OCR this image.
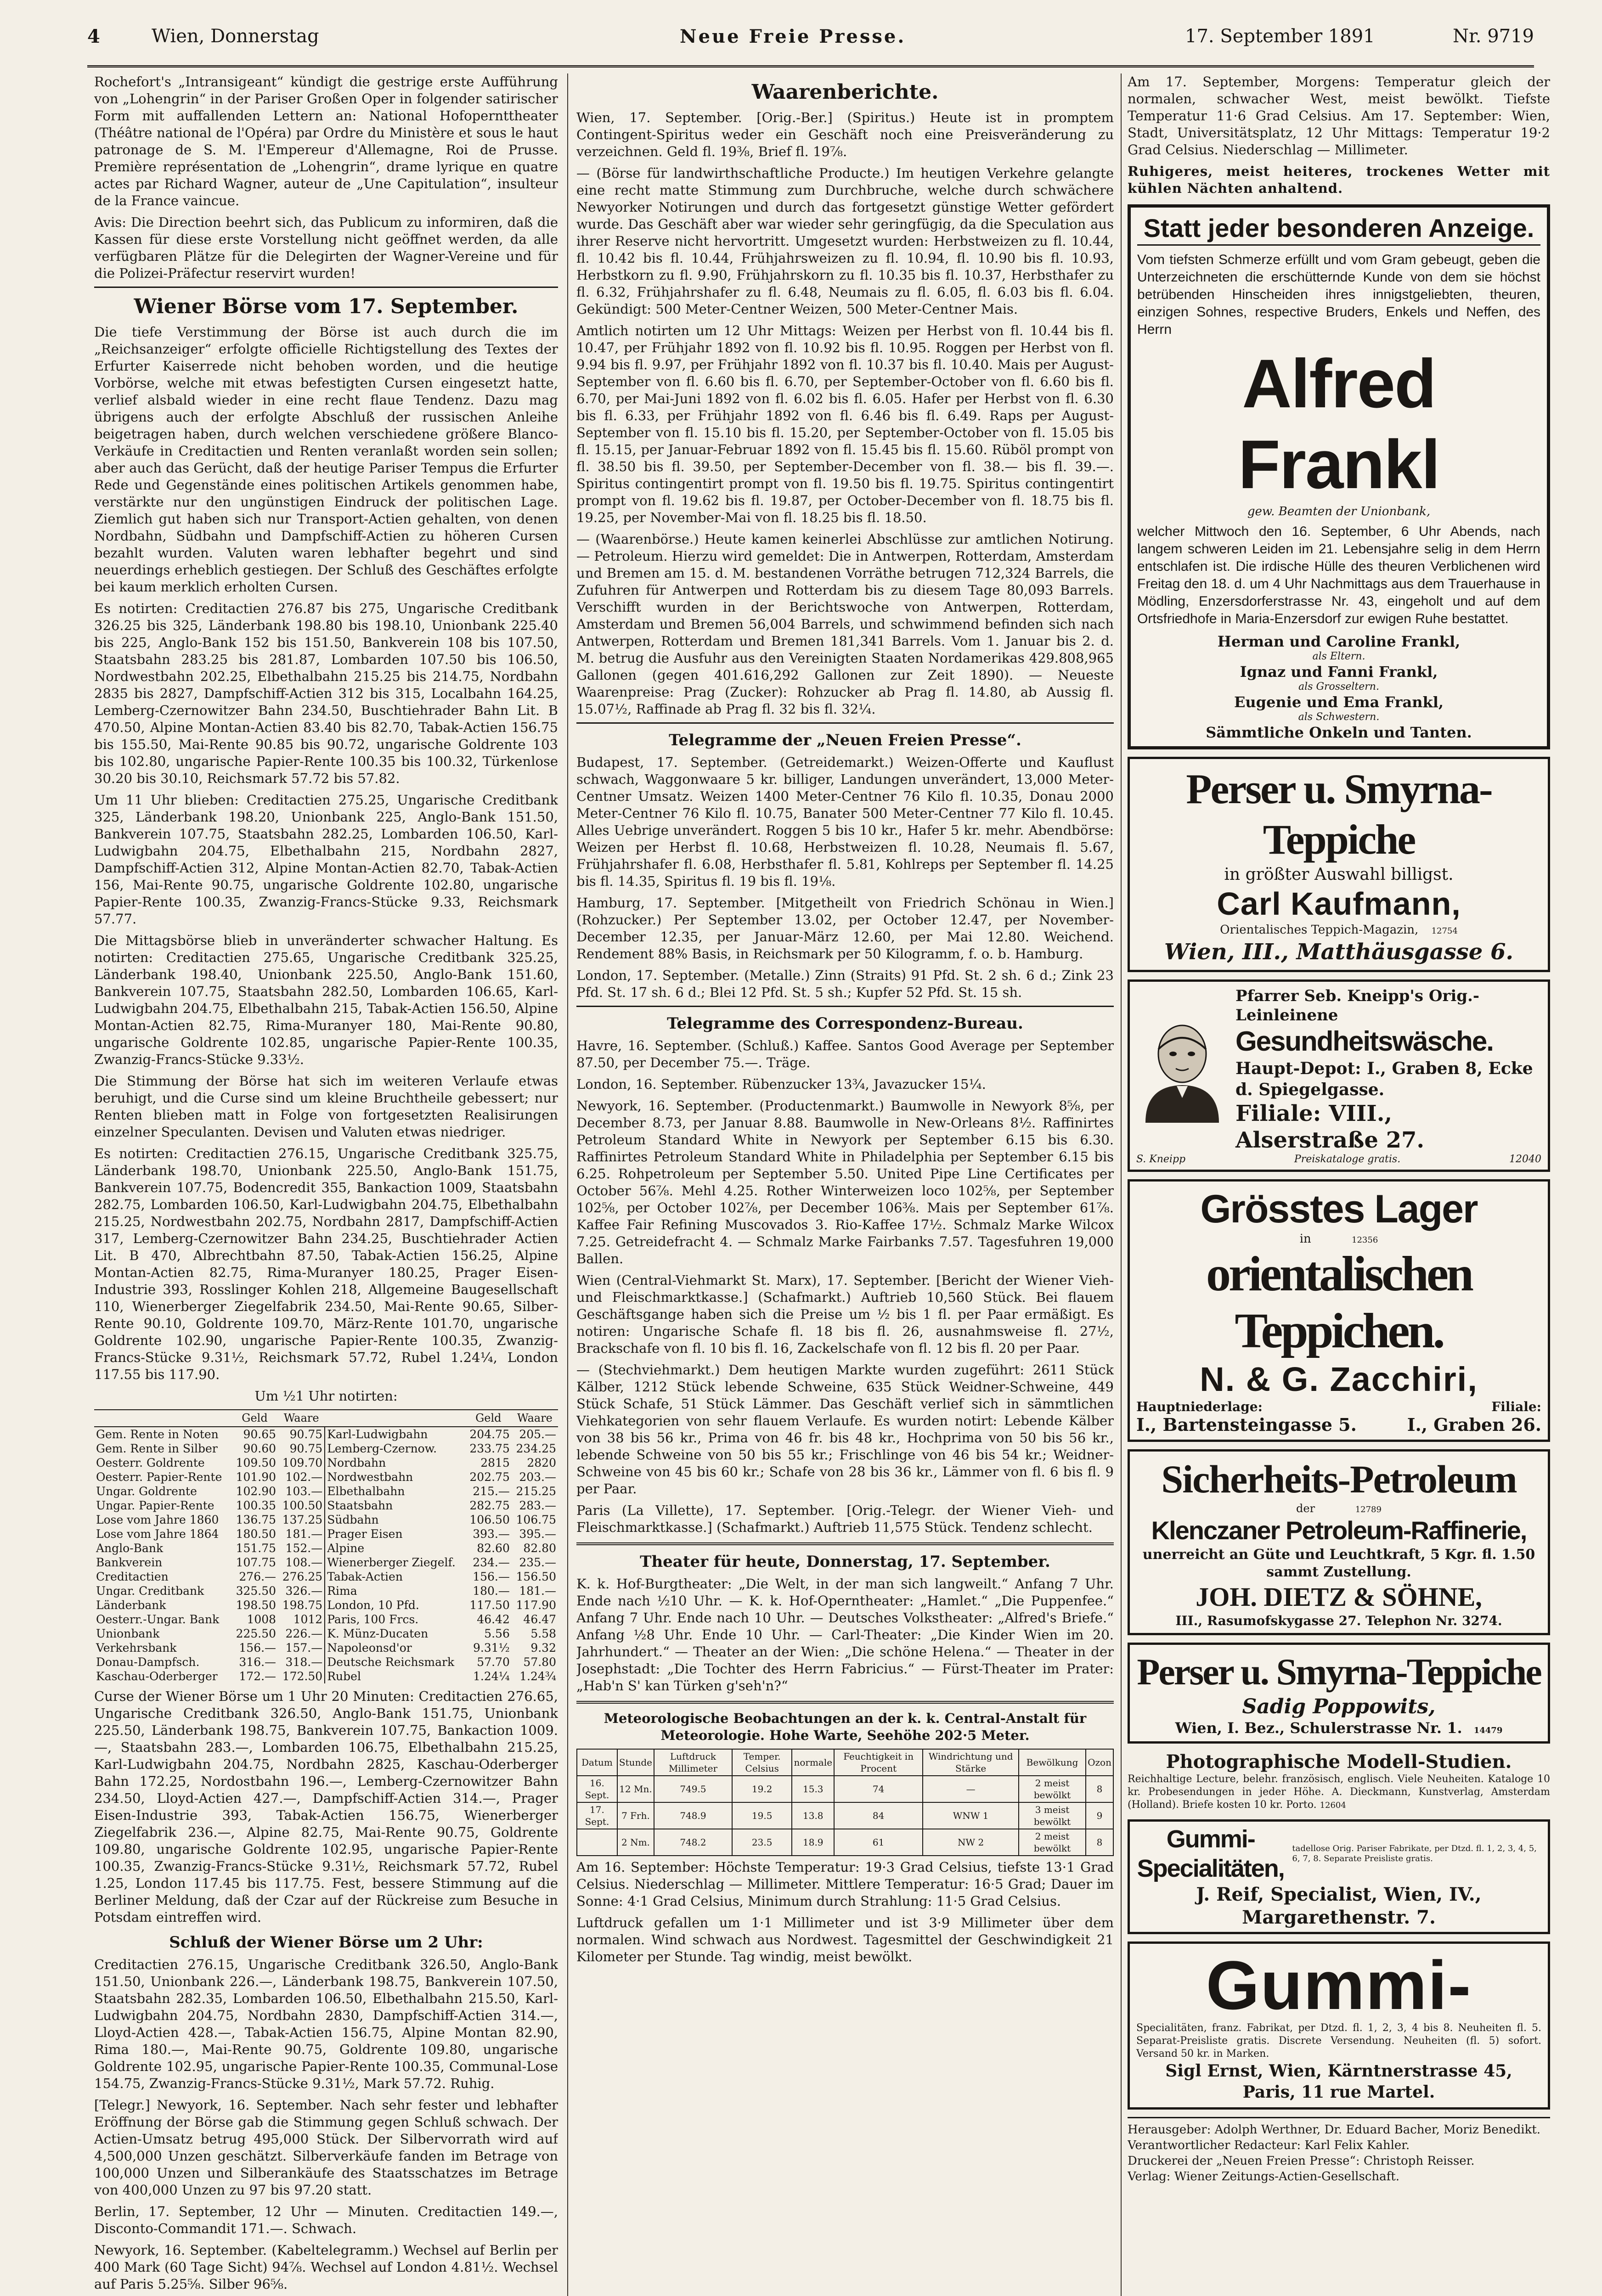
4	Wien, Donnerstag	Neue Freie Presse.	17. September 1891	Nr. 9719

Rochefort's „Intransigeant“ kündigt die gestrige erste Aufführung von „Lohengrin“ in der Pariser Großen Oper in folgender satirischer Form mit auffallenden Lettern an: National Hofopernttheater (Théâtre national de l'Opéra) par Ordre du Ministère et sous le haut patronage de S. M. l'Empereur d'Allemagne, Roi de Prusse. Première représentation de „Lohengrin“, drame lyrique en quatre actes par Richard Wagner, auteur de „Une Capitulation“, insulteur de la France vaincue.

Avis: Die Direction beehrt sich, das Publicum zu informiren, daß die Kassen für diese erste Vorstellung nicht geöffnet werden, da alle verfügbaren Plätze für die Delegirten der Wagner-Vereine und für die Polizei-Präfectur reservirt wurden!

Wiener Börse vom 17. September.

Die tiefe Verstimmung der Börse ist auch durch die im „Reichsanzeiger“ erfolgte officielle Richtigstellung des Textes der Erfurter Kaiserrede nicht behoben worden, und die heutige Vorbörse, welche mit etwas befestigten Cursen eingesetzt hatte, verlief alsbald wieder in eine recht flaue Tendenz. Dazu mag übrigens auch der erfolgte Abschluß der russischen Anleihe beigetragen haben, durch welchen verschiedene größere Blanco-Verkäufe in Creditactien und Renten veranlaßt worden sein sollen; aber auch das Gerücht, daß der heutige Pariser Tempus die Erfurter Rede und Gegenstände eines politischen Artikels genommen habe, verstärkte nur den ungünstigen Eindruck der politischen Lage. Ziemlich gut haben sich nur Transport-Actien gehalten, von denen Nordbahn, Südbahn und Dampfschiff-Actien zu höheren Cursen bezahlt wurden. Valuten waren lebhafter begehrt und sind neuerdings erheblich gestiegen. Der Schluß des Geschäftes erfolgte bei kaum merklich erholten Cursen.

Es notirten: Creditactien 276.87 bis 275, Ungarische Creditbank 326.25 bis 325, Länderbank 198.80 bis 198.10, Unionbank 225.40 bis 225, Anglo-Bank 152 bis 151.50, Bankverein 108 bis 107.50, Staatsbahn 283.25 bis 281.87, Lombarden 107.50 bis 106.50, Nordwestbahn 202.25, Elbethalbahn 215.25 bis 214.75, Nordbahn 2835 bis 2827, Dampfschiff-Actien 312 bis 315, Localbahn 164.25, Lemberg-Czernowitzer Bahn 234.50, Buschtiehrader Bahn Lit. B 470.50, Alpine Montan-Actien 83.40 bis 82.70, Tabak-Actien 156.75 bis 155.50, Mai-Rente 90.85 bis 90.72, ungarische Goldrente 103 bis 102.80, ungarische Papier-Rente 100.35 bis 100.32, Türkenlose 30.20 bis 30.10, Reichsmark 57.72 bis 57.82.

Um 11 Uhr blieben: Creditactien 275.25, Ungarische Creditbank 325, Länderbank 198.20, Unionbank 225, Anglo-Bank 151.50, Bankverein 107.75, Staatsbahn 282.25, Lombarden 106.50, Karl-Ludwigbahn 204.75, Elbethalbahn 215, Nordbahn 2827, Dampfschiff-Actien 312, Alpine Montan-Actien 82.70, Tabak-Actien 156, Mai-Rente 90.75, ungarische Goldrente 102.80, ungarische Papier-Rente 100.35, Zwanzig-Francs-Stücke 9.33, Reichsmark 57.77.

Die Mittagsbörse blieb in unveränderter schwacher Haltung. Es notirten: Creditactien 275.65, Ungarische Creditbank 325.25, Länderbank 198.40, Unionbank 225.50, Anglo-Bank 151.60, Bankverein 107.75, Staatsbahn 282.50, Lombarden 106.65, Karl-Ludwigbahn 204.75, Elbethalbahn 215, Tabak-Actien 156.50, Alpine Montan-Actien 82.75, Rima-Muranyer 180, Mai-Rente 90.80, ungarische Goldrente 102.85, ungarische Papier-Rente 100.35, Zwanzig-Francs-Stücke 9.33½.

Die Stimmung der Börse hat sich im weiteren Verlaufe etwas beruhigt, und die Curse sind um kleine Bruchtheile gebessert; nur Renten blieben matt in Folge von fortgesetzten Realisirungen einzelner Speculanten. Devisen und Valuten etwas niedriger.

Es notirten: Creditactien 276.15, Ungarische Creditbank 325.75, Länderbank 198.70, Unionbank 225.50, Anglo-Bank 151.75, Bankverein 107.75, Bodencredit 355, Bankaction 1009, Staatsbahn 282.75, Lombarden 106.50, Karl-Ludwigbahn 204.75, Elbethalbahn 215.25, Nordwestbahn 202.75, Nordbahn 2817, Dampfschiff-Actien 317, Lemberg-Czernowitzer Bahn 234.25, Buschtiehrader Actien Lit. B 470, Albrechtbahn 87.50, Tabak-Actien 156.25, Alpine Montan-Actien 82.75, Rima-Muranyer 180.25, Prager Eisen-Industrie 393, Rosslinger Kohlen 218, Allgemeine Baugesellschaft 110, Wienerberger Ziegelfabrik 234.50, Mai-Rente 90.65, Silber-Rente 90.10, Goldrente 109.70, März-Rente 101.70, ungarische Goldrente 102.90, ungarische Papier-Rente 100.35, Zwanzig-Francs-Stücke 9.31½, Reichsmark 57.72, Rubel 1.24¼, London 117.55 bis 117.90.

Um ½1 Uhr notirten:

	Geld	Waare		Geld	Waare
Gem. Rente in Noten	90.65	90.75	Karl-Ludwigbahn	204.75	205.—
Gem. Rente in Silber	90.60	90.75	Lemberg-Czernow.	233.75	234.25
Oesterr. Goldrente	109.50	109.70	Nordbahn	2815	2820
Oesterr. Papier-Rente	101.90	102.—	Nordwestbahn	202.75	203.—
Ungar. Goldrente	102.90	103.—	Elbethalbahn	215.—	215.25
Ungar. Papier-Rente	100.35	100.50	Staatsbahn	282.75	283.—
Lose vom Jahre 1860	136.75	137.25	Südbahn	106.50	106.75
Lose vom Jahre 1864	180.50	181.—	Prager Eisen	393.—	395.—
Anglo-Bank	151.75	152.—	Alpine	82.60	82.80
Bankverein	107.75	108.—	Wienerberger Ziegelf.	234.—	235.—
Creditactien	276.—	276.25	Tabak-Actien	156.—	156.50
Ungar. Creditbank	325.50	326.—	Rima	180.—	181.—
Länderbank	198.50	198.75	London, 10 Pfd.	117.50	117.90
Oesterr.-Ungar. Bank	1008	1012	Paris, 100 Frcs.	46.42	46.47
Unionbank	225.50	226.—	K. Münz-Ducaten	5.56	5.58
Verkehrsbank	156.—	157.—	Napoleonsd'or	9.31½	9.32
Donau-Dampfsch.	316.—	318.—	Deutsche Reichsmark	57.70	57.80
Kaschau-Oderberger	172.—	172.50	Rubel	1.24¼	1.24¾

Curse der Wiener Börse um 1 Uhr 20 Minuten: Creditactien 276.65, Ungarische Creditbank 326.50, Anglo-Bank 151.75, Unionbank 225.50, Länderbank 198.75, Bankverein 107.75, Bankaction 1009.—, Staatsbahn 283.—, Lombarden 106.75, Elbethalbahn 215.25, Karl-Ludwigbahn 204.75, Nordbahn 2825, Kaschau-Oderberger Bahn 172.25, Nordostbahn 196.—, Lemberg-Czernowitzer Bahn 234.50, Lloyd-Actien 427.—, Dampfschiff-Actien 314.—, Prager Eisen-Industrie 393, Tabak-Actien 156.75, Wienerberger Ziegelfabrik 236.—, Alpine 82.75, Mai-Rente 90.75, Goldrente 109.80, ungarische Goldrente 102.95, ungarische Papier-Rente 100.35, Zwanzig-Francs-Stücke 9.31½, Reichsmark 57.72, Rubel 1.25, London 117.45 bis 117.75. Fest, bessere Stimmung auf die Berliner Meldung, daß der Czar auf der Rückreise zum Besuche in Potsdam eintreffen wird.

Schluß der Wiener Börse um 2 Uhr:

Creditactien 276.15, Ungarische Creditbank 326.50, Anglo-Bank 151.50, Unionbank 226.—, Länderbank 198.75, Bankverein 107.50, Staatsbahn 282.35, Lombarden 106.50, Elbethalbahn 215.50, Karl-Ludwigbahn 204.75, Nordbahn 2830, Dampfschiff-Actien 314.—, Lloyd-Actien 428.—, Tabak-Actien 156.75, Alpine Montan 82.90, Rima 180.—, Mai-Rente 90.75, Goldrente 109.80, ungarische Goldrente 102.95, ungarische Papier-Rente 100.35, Communal-Lose 154.75, Zwanzig-Francs-Stücke 9.31½, Mark 57.72. Ruhig.

[Telegr.] Newyork, 16. September. Nach sehr fester und lebhafter Eröffnung der Börse gab die Stimmung gegen Schluß schwach. Der Actien-Umsatz betrug 495,000 Stück. Der Silbervorrath wird auf 4,500,000 Unzen geschätzt. Silberverkäufe fanden im Betrage von 100,000 Unzen und Silberankäufe des Staatsschatzes im Betrage von 400,000 Unzen zu 97 bis 97.20 statt.

Berlin, 17. September, 12 Uhr — Minuten. Creditactien 149.—, Disconto-Commandit 171.—. Schwach.

Newyork, 16. September. (Kabeltelegramm.) Wechsel auf Berlin per 400 Mark (60 Tage Sicht) 94⅞. Wechsel auf London 4.81½. Wechsel auf Paris 5.25⅝. Silber 96⅝.

Waarenberichte.

Wien, 17. September. [Orig.-Ber.] (Spiritus.) Heute ist in promptem Contingent-Spiritus weder ein Geschäft noch eine Preisveränderung zu verzeichnen. Geld fl. 19⅜, Brief fl. 19⅞.

— (Börse für landwirthschaftliche Producte.) Im heutigen Verkehre gelangte eine recht matte Stimmung zum Durchbruche, welche durch schwächere Newyorker Notirungen und durch das fortgesetzt günstige Wetter gefördert wurde. Das Geschäft aber war wieder sehr geringfügig, da die Speculation aus ihrer Reserve nicht hervortritt. Umgesetzt wurden: Herbstweizen zu fl. 10.44, fl. 10.42 bis fl. 10.44, Frühjahrsweizen zu fl. 10.94, fl. 10.90 bis fl. 10.93, Herbstkorn zu fl. 9.90, Frühjahrskorn zu fl. 10.35 bis fl. 10.37, Herbsthafer zu fl. 6.32, Frühjahrshafer zu fl. 6.48, Neumais zu fl. 6.05, fl. 6.03 bis fl. 6.04. Gekündigt: 500 Meter-Centner Weizen, 500 Meter-Centner Mais.

Amtlich notirten um 12 Uhr Mittags: Weizen per Herbst von fl. 10.44 bis fl. 10.47, per Frühjahr 1892 von fl. 10.92 bis fl. 10.95. Roggen per Herbst von fl. 9.94 bis fl. 9.97, per Frühjahr 1892 von fl. 10.37 bis fl. 10.40. Mais per August-September von fl. 6.60 bis fl. 6.70, per September-October von fl. 6.60 bis fl. 6.70, per Mai-Juni 1892 von fl. 6.02 bis fl. 6.05. Hafer per Herbst von fl. 6.30 bis fl. 6.33, per Frühjahr 1892 von fl. 6.46 bis fl. 6.49. Raps per August-September von fl. 15.10 bis fl. 15.20, per September-October von fl. 15.05 bis fl. 15.15, per Januar-Februar 1892 von fl. 15.45 bis fl. 15.60. Rüböl prompt von fl. 38.50 bis fl. 39.50, per September-December von fl. 38.— bis fl. 39.—. Spiritus contingentirt prompt von fl. 19.50 bis fl. 19.75. Spiritus contingentirt prompt von fl. 19.62 bis fl. 19.87, per October-December von fl. 18.75 bis fl. 19.25, per November-Mai von fl. 18.25 bis fl. 18.50.

— (Waarenbörse.) Heute kamen keinerlei Abschlüsse zur amtlichen Notirung. — Petroleum. Hierzu wird gemeldet: Die in Antwerpen, Rotterdam, Amsterdam und Bremen am 15. d. M. bestandenen Vorräthe betrugen 712,324 Barrels, die Zufuhren für Antwerpen und Rotterdam bis zu diesem Tage 80,093 Barrels. Verschifft wurden in der Berichtswoche von Antwerpen, Rotterdam, Amsterdam und Bremen 56,004 Barrels, und schwimmend befinden sich nach Antwerpen, Rotterdam und Bremen 181,341 Barrels. Vom 1. Januar bis 2. d. M. betrug die Ausfuhr aus den Vereinigten Staaten Nordamerikas 429.808,965 Gallonen (gegen 401.616,292 Gallonen zur Zeit 1890). — Neueste Waarenpreise: Prag (Zucker): Rohzucker ab Prag fl. 14.80, ab Aussig fl. 15.07½, Raffinade ab Prag fl. 32 bis fl. 32¼.

Telegramme der „Neuen Freien Presse“.

Budapest, 17. September. (Getreidemarkt.) Weizen-Offerte und Kauflust schwach, Waggonwaare 5 kr. billiger, Landungen unverändert, 13,000 Meter-Centner Umsatz. Weizen 1400 Meter-Centner 76 Kilo fl. 10.35, Donau 2000 Meter-Centner 76 Kilo fl. 10.75, Banater 500 Meter-Centner 77 Kilo fl. 10.45. Alles Uebrige unverändert. Roggen 5 bis 10 kr., Hafer 5 kr. mehr. Abendbörse: Weizen per Herbst fl. 10.68, Herbstweizen fl. 10.28, Neumais fl. 5.67, Frühjahrshafer fl. 6.08, Herbsthafer fl. 5.81, Kohlreps per September fl. 14.25 bis fl. 14.35, Spiritus fl. 19 bis fl. 19⅛.

Hamburg, 17. September. [Mitgetheilt von Friedrich Schönau in Wien.] (Rohzucker.) Per September 13.02, per October 12.47, per November-December 12.35, per Januar-März 12.60, per Mai 12.80. Weichend. Rendement 88% Basis, in Reichsmark per 50 Kilogramm, f. o. b. Hamburg.

London, 17. September. (Metalle.) Zinn (Straits) 91 Pfd. St. 2 sh. 6 d.; Zink 23 Pfd. St. 17 sh. 6 d.; Blei 12 Pfd. St. 5 sh.; Kupfer 52 Pfd. St. 15 sh.

Telegramme des Correspondenz-Bureau.

Havre, 16. September. (Schluß.) Kaffee. Santos Good Average per September 87.50, per December 75.—. Träge.

London, 16. September. Rübenzucker 13¾, Javazucker 15¼.

Newyork, 16. September. (Productenmarkt.) Baumwolle in Newyork 8⅝, per December 8.73, per Januar 8.88. Baumwolle in New-Orleans 8½. Raffinirtes Petroleum Standard White in Newyork per September 6.15 bis 6.30. Raffinirtes Petroleum Standard White in Philadelphia per September 6.15 bis 6.25. Rohpetroleum per September 5.50. United Pipe Line Certificates per October 56⅞. Mehl 4.25. Rother Winterweizen loco 102⅝, per September 102⅝, per October 102⅞, per December 106⅜. Mais per September 61⅞. Kaffee Fair Refining Muscovados 3. Rio-Kaffee 17½. Schmalz Marke Wilcox 7.25. Getreidefracht 4. — Schmalz Marke Fairbanks 7.57. Tagesfuhren 19,000 Ballen.

Wien (Central-Viehmarkt St. Marx), 17. September. [Bericht der Wiener Vieh- und Fleischmarktkasse.] (Schafmarkt.) Auftrieb 10,560 Stück. Bei flauem Geschäftsgange haben sich die Preise um ½ bis 1 fl. per Paar ermäßigt. Es notiren: Ungarische Schafe fl. 18 bis fl. 26, ausnahmsweise fl. 27½, Brackschafe von fl. 10 bis fl. 16, Zackelschafe von fl. 12 bis fl. 20 per Paar.

— (Stechviehmarkt.) Dem heutigen Markte wurden zugeführt: 2611 Stück Kälber, 1212 Stück lebende Schweine, 635 Stück Weidner-Schweine, 449 Stück Schafe, 51 Stück Lämmer. Das Geschäft verlief sich in sämmtlichen Viehkategorien von sehr flauem Verlaufe. Es wurden notirt: Lebende Kälber von 38 bis 56 kr., Prima von 46 fr. bis 48 kr., Hochprima von 50 bis 56 kr., lebende Schweine von 50 bis 55 kr.; Frischlinge von 46 bis 54 kr.; Weidner-Schweine von 45 bis 60 kr.; Schafe von 28 bis 36 kr., Lämmer von fl. 6 bis fl. 9 per Paar.

Paris (La Villette), 17. September. [Orig.-Telegr. der Wiener Vieh- und Fleischmarktkasse.] (Schafmarkt.) Auftrieb 11,575 Stück. Tendenz schlecht.

Theater für heute, Donnerstag, 17. September.

K. k. Hof-Burgtheater: „Die Welt, in der man sich langweilt.“ Anfang 7 Uhr. Ende nach ½10 Uhr. — K. k. Hof-Operntheater: „Hamlet.“ „Die Puppenfee.“ Anfang 7 Uhr. Ende nach 10 Uhr. — Deutsches Volkstheater: „Alfred's Briefe.“ Anfang ½8 Uhr. Ende 10 Uhr. — Carl-Theater: „Die Kinder Wien im 20. Jahrhundert.“ — Theater an der Wien: „Die schöne Helena.“ — Theater in der Josephstadt: „Die Tochter des Herrn Fabricius.“ — Fürst-Theater im Prater: „Hab'n S' kan Türken g'seh'n?“

Meteorologische Beobachtungen an der k. k. Central-Anstalt für Meteorologie. Hohe Warte, Seehöhe 202·5 Meter.

Datum	Stunde	Luftdruck Millimeter	Temper. Celsius	normale	Feuchtigkeit in Procent	Windrichtung und Stärke	Bewölkung	Ozon
16. Sept.	12 Mn.	749.5	19.2	15.3	74	—	2 meist bewölkt	8
17. Sept.	7 Frh.	748.9	19.5	13.8	84	WNW 1	3 meist bewölkt	9
	2 Nm.	748.2	23.5	18.9	61	NW 2	2 meist bewölkt	8

Am 16. September: Höchste Temperatur: 19·3 Grad Celsius, tiefste 13·1 Grad Celsius. Niederschlag — Millimeter. Mittlere Temperatur: 16·5 Grad; Dauer im Sonne: 4·1 Grad Celsius, Minimum durch Strahlung: 11·5 Grad Celsius.

Luftdruck gefallen um 1·1 Millimeter und ist 3·9 Millimeter über dem normalen. Wind schwach aus Nordwest. Tagesmittel der Geschwindigkeit 21 Kilometer per Stunde. Tag windig, meist bewölkt.

Am 17. September, Morgens: Temperatur gleich der normalen, schwacher West, meist bewölkt. Tiefste Temperatur 11·6 Grad Celsius. Am 17. September: Wien, Stadt, Universitätsplatz, 12 Uhr Mittags: Temperatur 19·2 Grad Celsius. Niederschlag — Millimeter.

Ruhigeres, meist heiteres, trockenes Wetter mit kühlen Nächten anhaltend.

Statt jeder besonderen Anzeige.

Vom tiefsten Schmerze erfüllt und vom Gram gebeugt, geben die Unterzeichneten die erschütternde Kunde von dem sie höchst betrübenden Hinscheiden ihres innigstgeliebten, theuren, einzigen Sohnes, respective Bruders, Enkels und Neffen, des Herrn

Alfred Frankl
gew. Beamten der Unionbank,

welcher Mittwoch den 16. September, 6 Uhr Abends, nach langem schweren Leiden im 21. Lebensjahre selig in dem Herrn entschlafen ist. Die irdische Hülle des theuren Verblichenen wird Freitag den 18. d. um 4 Uhr Nachmittags aus dem Trauerhause in Mödling, Enzersdorferstrasse Nr. 43, eingeholt und auf dem Ortsfriedhofe in Maria-Enzersdorf zur ewigen Ruhe bestattet.

Herman und Caroline Frankl,
als Eltern.
Ignaz und Fanni Frankl,
als Grosseltern.
Eugenie und Ema Frankl,
als Schwestern.
Sämmtliche Onkeln und Tanten.
Perser u. Smyrna-Teppiche
in größter Auswahl billigst.
Carl Kaufmann,
Orientalisches Teppich-Magazin, 12754
Wien, III., Matthäusgasse 6.
Pfarrer Seb. Kneipp's Orig.-Leinleinene
Gesundheitswäsche.
Haupt-Depot: I., Graben 8, Ecke d. Spiegelgasse.
Filiale: VIII., Alserstraße 27.
S. Kneipp	Preiskataloge gratis.	12040
Grösstes Lager
in	12356
orientalischen Teppichen.
N. & G. Zacchiri,
Hauptniederlage:	Filiale:
I., Bartensteingasse 5.	I., Graben 26.
Sicherheits-Petroleum
der	12789
Klenczaner Petroleum-Raffinerie,
unerreicht an Güte und Leuchtkraft, 5 Kgr. fl. 1.50 sammt Zustellung.
JOH. DIETZ & SÖHNE,
III., Rasumofskygasse 27. Telephon Nr. 3274.
Perser u. Smyrna-Teppiche
Sadig Poppowits,
Wien, I. Bez., Schulerstrasse Nr. 1. 14479
Photographische Modell-Studien.
Reichhaltige Lecture, belehr. französisch, englisch. Viele Neuheiten. Kataloge 10 kr. Probesendungen in jeder Höhe. A. Dieckmann, Kunstverlag, Amsterdam (Holland). Briefe kosten 10 kr. Porto. 12604
Gummi-Specialitäten,
tadellose Orig. Pariser Fabrikate, per Dtzd. fl. 1, 2, 3, 4, 5, 6, 7, 8. Separate Preisliste gratis.
J. Reif, Specialist, Wien, IV., Margarethenstr. 7.
Gummi-
Specialitäten, franz. Fabrikat, per Dtzd. fl. 1, 2, 3, 4 bis 8. Neuheiten fl. 5. Separat-Preisliste gratis. Discrete Versendung. Neuheiten (fl. 5) sofort. Versand 50 kr. in Marken.
Sigl Ernst, Wien, Kärntnerstrasse 45, Paris, 11 rue Martel.
Herausgeber: Adolph Werthner, Dr. Eduard Bacher, Moriz Benedikt.
Verantwortlicher Redacteur: Karl Felix Kahler.
Druckerei der „Neuen Freien Presse“: Christoph Reisser.
Verlag: Wiener Zeitungs-Actien-Gesellschaft.
